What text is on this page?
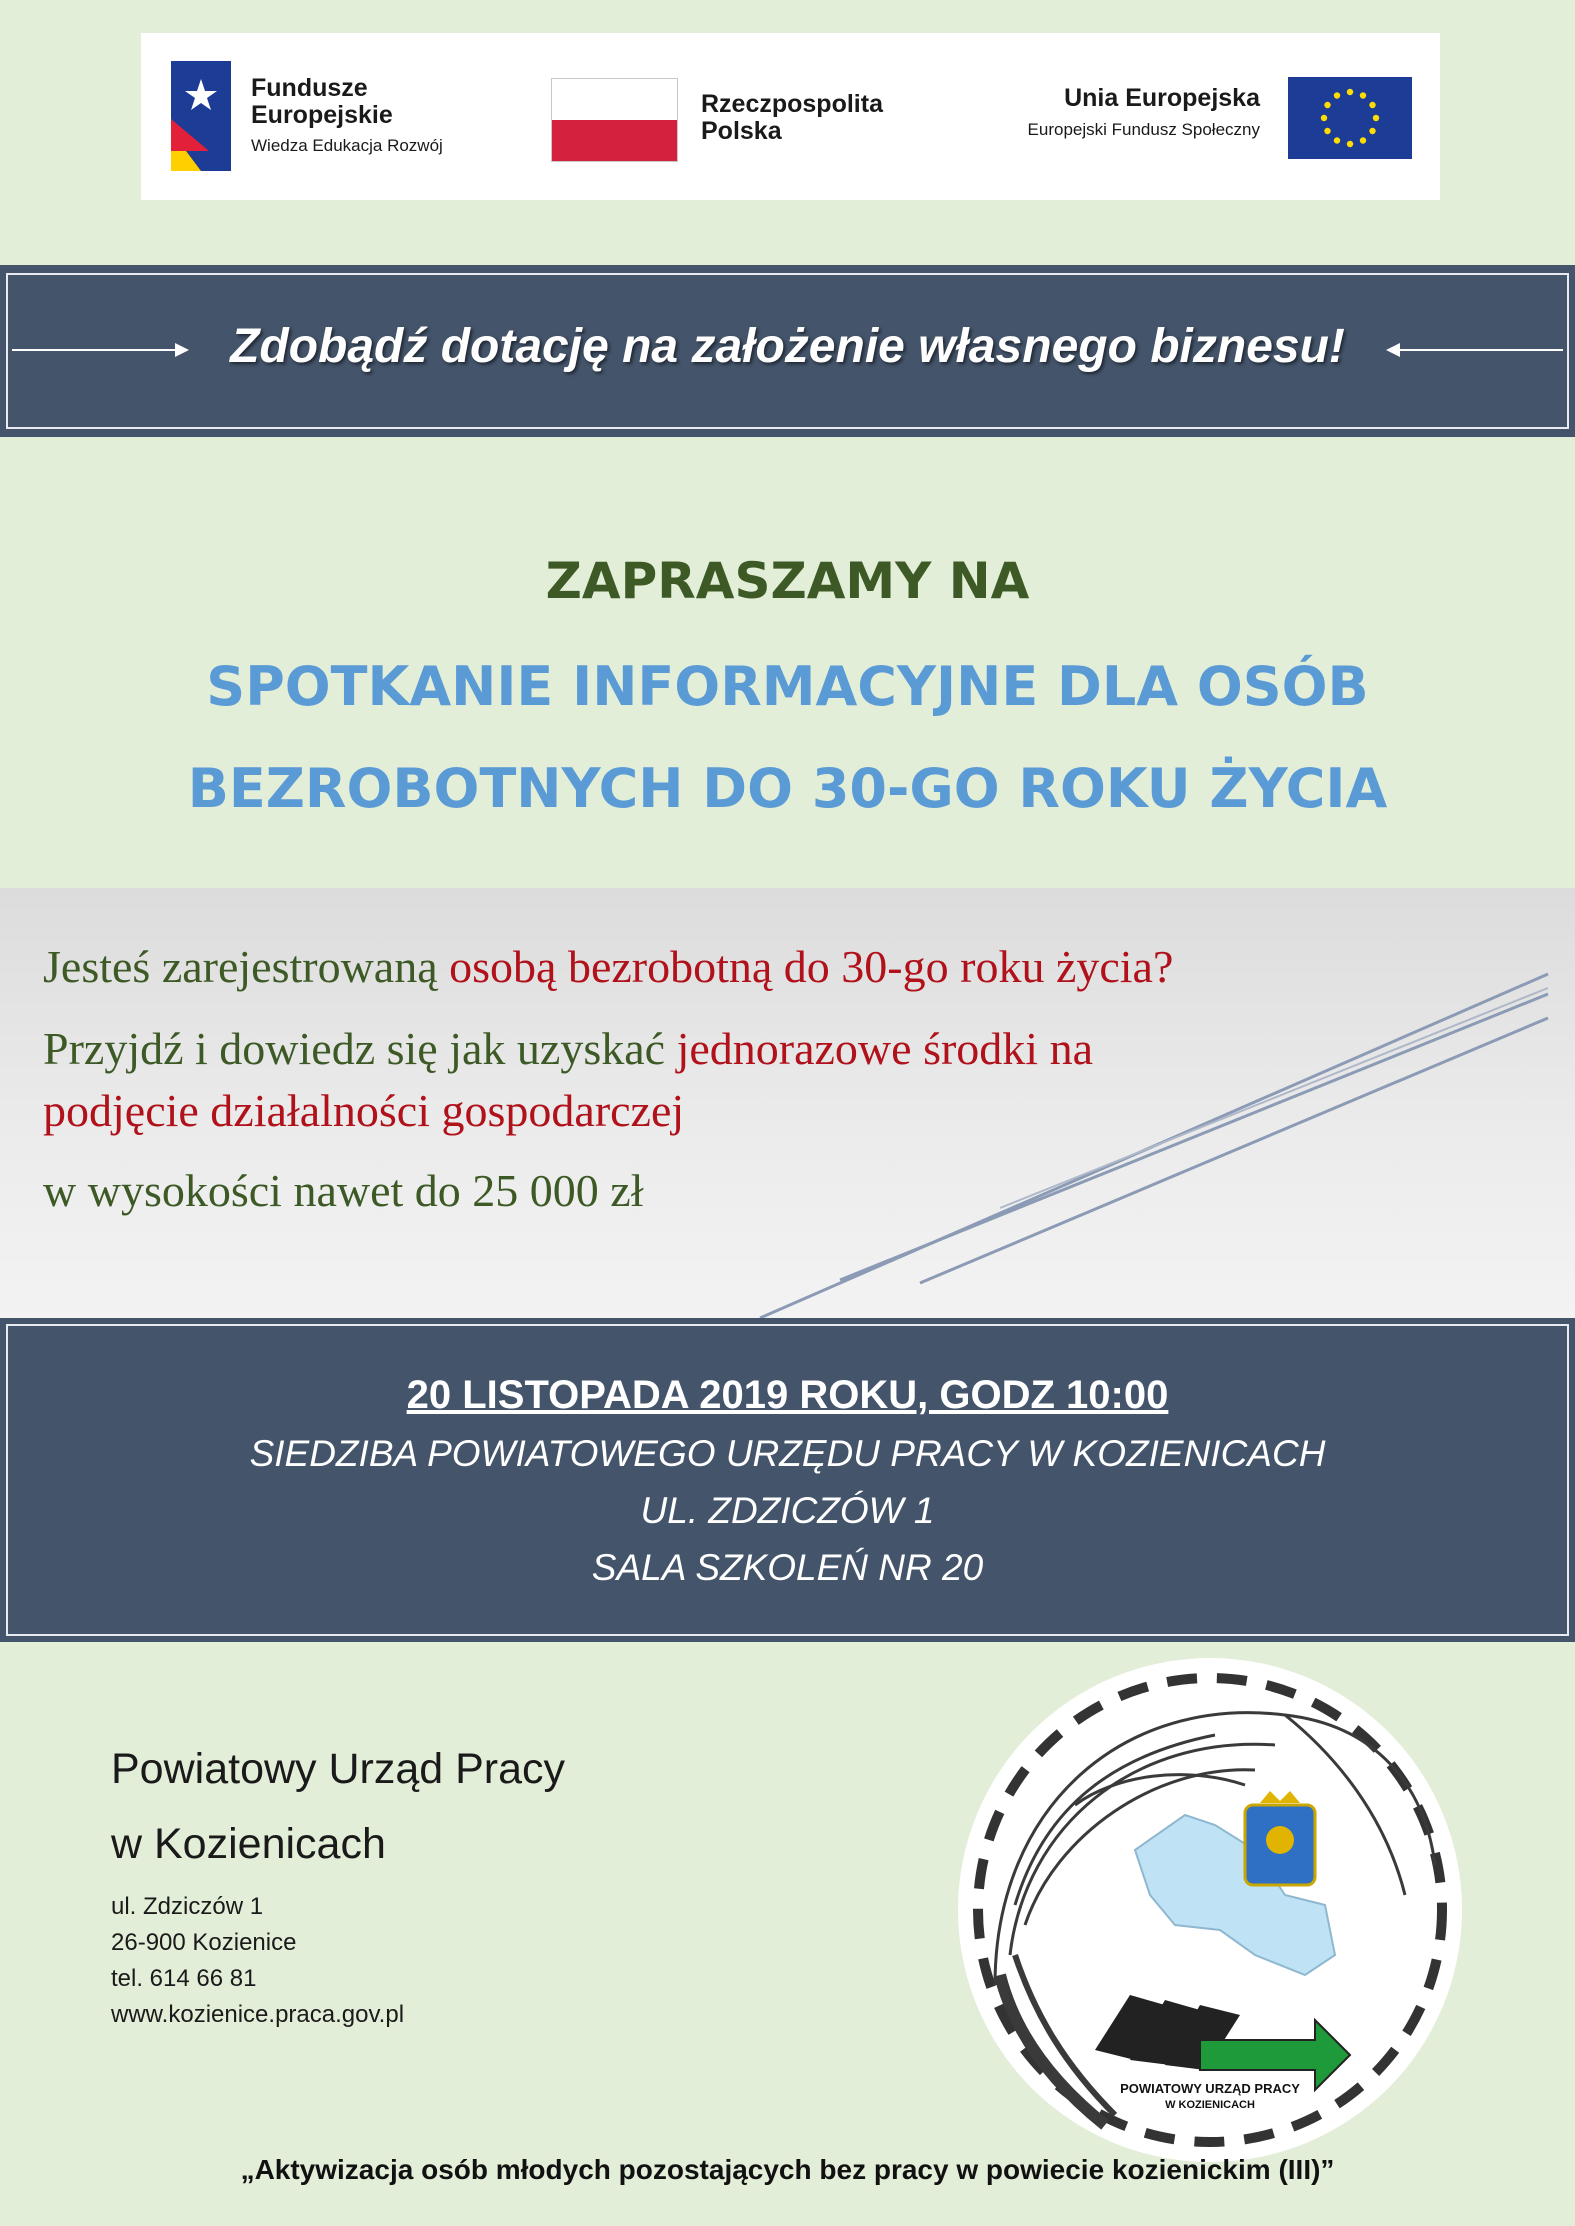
Fundusze
Europejskie
Wiedza Edukacja Rozwój
Rzeczpospolita
Polska
Unia Europejska
Europejski Fundusz Społeczny
Zdobądź dotację na założenie własnego biznesu!
ZAPRASZAMY NA
SPOTKANIE INFORMACYJNE DLA OSÓB
BEZROBOTNYCH DO 30-GO ROKU ŻYCIA
Jesteś zarejestrowaną osobą bezrobotną do 30-go roku życia?
Przyjdź i dowiedz się jak uzyskać jednorazowe środki na
podjęcie działalności gospodarczej
w wysokości nawet do 25 000 zł
20 LISTOPADA 2019 ROKU, GODZ 10:00
SIEDZIBA POWIATOWEGO URZĘDU PRACY W KOZIENICACH
UL. ZDZICZÓW 1
SALA SZKOLEŃ NR 20
Powiatowy Urząd Pracy
w Kozienicach
ul. Zdziczów 1
26-900 Kozienice
tel. 614 66 81
www.kozienice.praca.gov.pl
POWIATOWY URZĄD PRACY
W KOZIENICACH
„Aktywizacja osób młodych pozostających bez pracy w powiecie kozienickim (III)”
